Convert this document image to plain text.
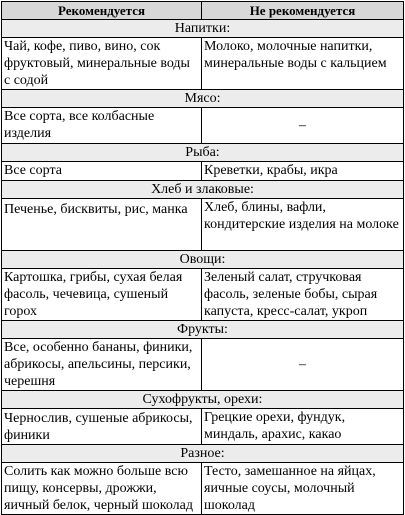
Рекомендуется	Не рекомендуется
Напитки:	
Чай, кофе, пиво, вино, сок фруктовый, минеральные воды с содой	Молоко, молочные напитки, минеральные воды с кальцием
Мясо:	
Все сорта, все колбасные изделия	–
Рыба:	
Все сорта	Креветки, крабы, икра
Хлеб и злаковые:	
Печенье, бисквиты, рис, манка	Хлеб, блины, вафли, кондитерские изделия на молоке
Овощи:	
Картошка, грибы, сухая белая фасоль, чечевица, сушеный горох	Зеленый салат, стручковая фасоль, зеленые бобы, сырая капуста, кресс-салат, укроп
Фрукты:	
Все, особенно бананы, финики, абрикосы, апельсины, персики, черешня	–
Сухофрукты, орехи:	
Чернослив, сушеные абрикосы, финики	Грецкие орехи, фундук, миндаль, арахис, какао
Разное:	
Солить как можно больше всю пищу, консервы, дрожжи, яичный белок, черный шоколад	Тесто, замешанное на яйцах, яичные соусы, молочный шоколад
